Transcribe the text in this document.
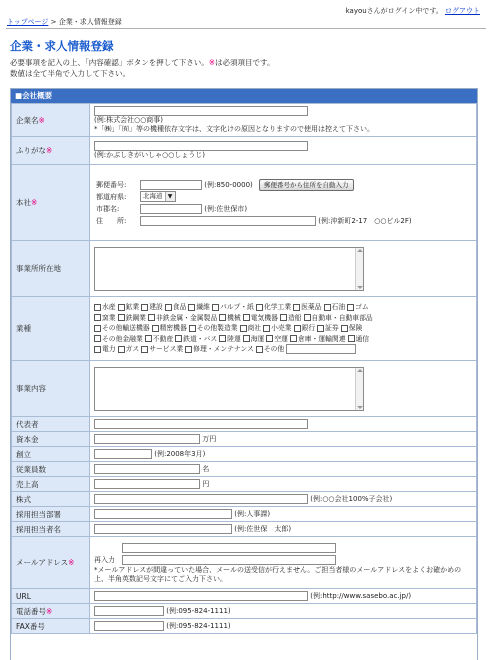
kayouさんがログイン中です。 ログアウト
トップページ > 企業・求人情報登録
企業・求人情報登録
必要事項を記入の上、「内容確認」ボタンを押して下さい。※は必須項目です。
数値は全て半角で入力して下さい。
■会社概要
企業名※	(例:株式会社○○商事)
*「㈱」「㈲」等の機種依存文字は、文字化けの原因となりますので使用は控えて下さい。
ふりがな※	(例:かぶしきがいしゃ○○しょうじ)
本社※	郵便番号: (例:850-0000) 郵便番号から住所を自動入力
都道府県: 北海道 ▼
市郡名: (例:佐世保市)
住　　所: (例:沖新町2-17　○○ビル2F)

事業所所在地	

業種	水産 鉱業 建設 食品 繊維 パルプ・紙 化学工業 医薬品 石油 ゴム
窯業 鉄鋼業 非鉄金属・金属製品 機械 電気機器 造船 自動車・自動車部品
その他輸送機器 精密機器 その他製造業 商社 小売業 銀行 証券 保険
その他金融業 不動産 鉄道・バス 陸運 海運 空運 倉庫・運輸関連 通信
電力 ガス サービス業 修理・メンテナンス その他

事業内容	

代表者	
資本金	万円
創立	(例:2008年3月)
従業員数	名
売上高	円
株式	(例:○○会社100%子会社)
採用担当部署	(例:人事課)
採用担当者名	(例:佐世保　太郎)
メールアドレス※	再入力
*メールアドレスが間違っていた場合、メールの送受信が行えません。ご担当者様のメールアドレスをよくお確かめの上、半角英数記号文字にてご入力下さい。

URL	(例:http://www.sasebo.ac.jp/)
電話番号※	(例:095-824-1111)
FAX番号	(例:095-824-1111)
